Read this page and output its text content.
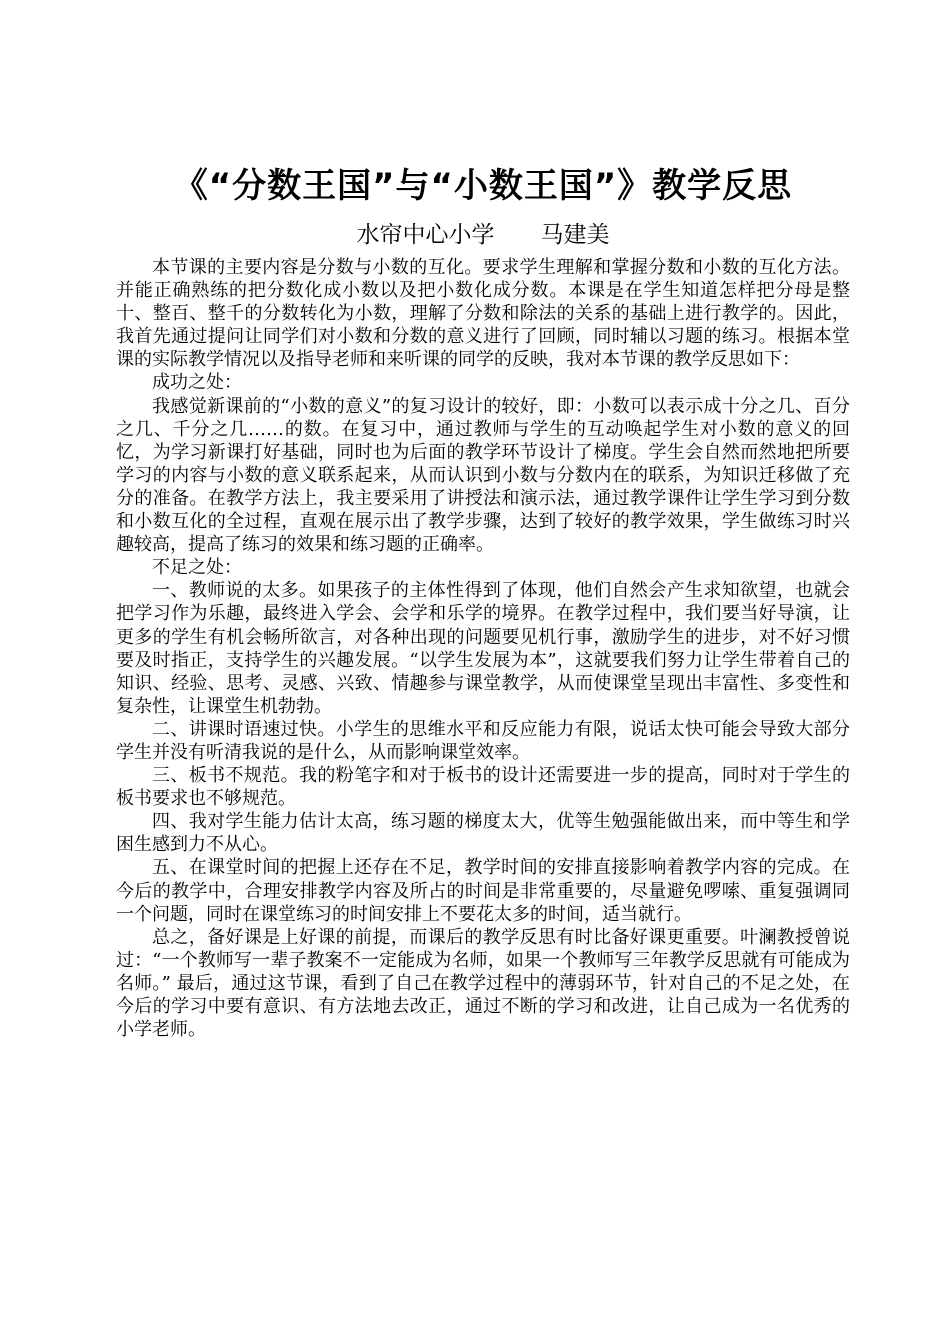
《“分数王国”与“小数王国”》教学反思
水帘中心小学 马建美

本节课的主要内容是分数与小数的互化。要求学生理解和掌握分数和小数的互化方法。并能正确熟练的把分数化成小数以及把小数化成分数。本课是在学生知道怎样把分母是整十、整百、整千的分数转化为小数，理解了分数和除法的关系的基础上进行教学的。因此，我首先通过提问让同学们对小数和分数的意义进行了回顾，同时辅以习题的练习。根据本堂课的实际教学情况以及指导老师和来听课的同学的反映，我对本节课的教学反思如下：

成功之处：

我感觉新课前的“小数的意义”的复习设计的较好，即：小数可以表示成十分之几、百分之几、千分之几……的数。在复习中，通过教师与学生的互动唤起学生对小数的意义的回忆，为学习新课打好基础，同时也为后面的教学环节设计了梯度。学生会自然而然地把所要学习的内容与小数的意义联系起来，从而认识到小数与分数内在的联系，为知识迁移做了充分的准备。在教学方法上，我主要采用了讲授法和演示法，通过教学课件让学生学习到分数和小数互化的全过程，直观在展示出了教学步骤，达到了较好的教学效果，学生做练习时兴趣较高，提高了练习的效果和练习题的正确率。

不足之处：

一、教师说的太多。如果孩子的主体性得到了体现，他们自然会产生求知欲望，也就会把学习作为乐趣，最终进入学会、会学和乐学的境界。在教学过程中，我们要当好导演，让更多的学生有机会畅所欲言，对各种出现的问题要见机行事，激励学生的进步，对不好习惯要及时指正，支持学生的兴趣发展。“以学生发展为本”，这就要我们努力让学生带着自己的知识、经验、思考、灵感、兴致、情趣参与课堂教学，从而使课堂呈现出丰富性、多变性和复杂性，让课堂生机勃勃。

二、讲课时语速过快。小学生的思维水平和反应能力有限，说话太快可能会导致大部分学生并没有听清我说的是什么，从而影响课堂效率。

三、板书不规范。我的粉笔字和对于板书的设计还需要进一步的提高，同时对于学生的板书要求也不够规范。

四、我对学生能力估计太高，练习题的梯度太大，优等生勉强能做出来，而中等生和学困生感到力不从心。

五、在课堂时间的把握上还存在不足，教学时间的安排直接影响着教学内容的完成。在今后的教学中，合理安排教学内容及所占的时间是非常重要的，尽量避免啰嗦、重复强调同一个问题，同时在课堂练习的时间安排上不要花太多的时间，适当就行。

总之，备好课是上好课的前提，而课后的教学反思有时比备好课更重要。叶澜教授曾说过：“一个教师写一辈子教案不一定能成为名师，如果一个教师写三年教学反思就有可能成为名师。” 最后，通过这节课，看到了自己在教学过程中的薄弱环节，针对自己的不足之处，在今后的学习中要有意识、有方法地去改正，通过不断的学习和改进，让自己成为一名优秀的小学老师。
